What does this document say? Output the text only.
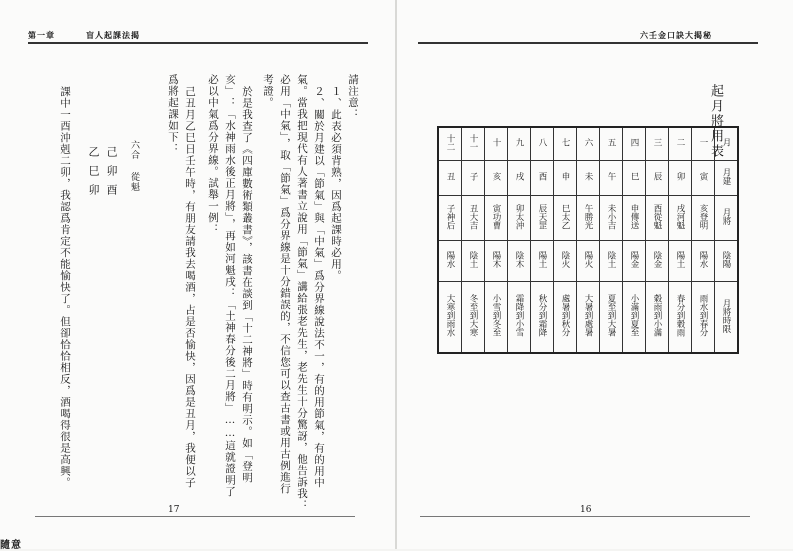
第一章	盲人起課法揭
請注意：
１、此表必須背熟，因爲起課時必用。
２、關於月建以「節氣」與「中氣」爲分界線說法不一，有的用節氣，有的用中
氣。當我把現代有人著書立說用「節氣」講給張老先生，老先生十分驚訝，他告訴我：
必用「中氣」，取「節氣」爲分界線是十分錯誤的，不信您可以查古書或用古例進行
考證。
於是我查了《四庫數術類叢書》，該書在談到「十二神將」時有明示。如「登明
亥」：「水神雨水後正月將」，再如河魁戌：「土神春分後二月將」……這就證明了
必以中氣爲分界線。試舉一例：
己丑月乙巳日壬午時，有朋友請我去喝酒，占是否愉快，因爲是丑月，我便以子
爲將起課如下：
六合
從魁
己卯酉
乙巳卯
課中一酉沖剋二卯，我認爲肯定不能愉快了。但卻恰恰相反，酒喝得很是高興。
17
六壬金口訣大揭秘
16
起月將用表
十二	十一	十	九	八	七	六	五	四	三	二	一	月
丑	子	亥	戌	酉	申	未	午	巳	辰	卯	寅	月建
子神后	丑大吉	寅功曹	卯太沖	辰天罡	巳太乙	午勝光	未小吉	申傳送	酉從魁	戌河魁	亥登明	月將
陽水	陰土	陽木	陰木	陽土	陰火	陽火	陰土	陽金	陰金	陽土	陽水	陰陽
大寒到雨水	冬至到大寒	小雪到冬至	霜降到小雪	秋分到霜降	處暑到秋分	大暑到處暑	夏至到大暑	小滿到夏至	穀雨到小滿	春分到穀雨	雨水到春分	月將時限
隨意
